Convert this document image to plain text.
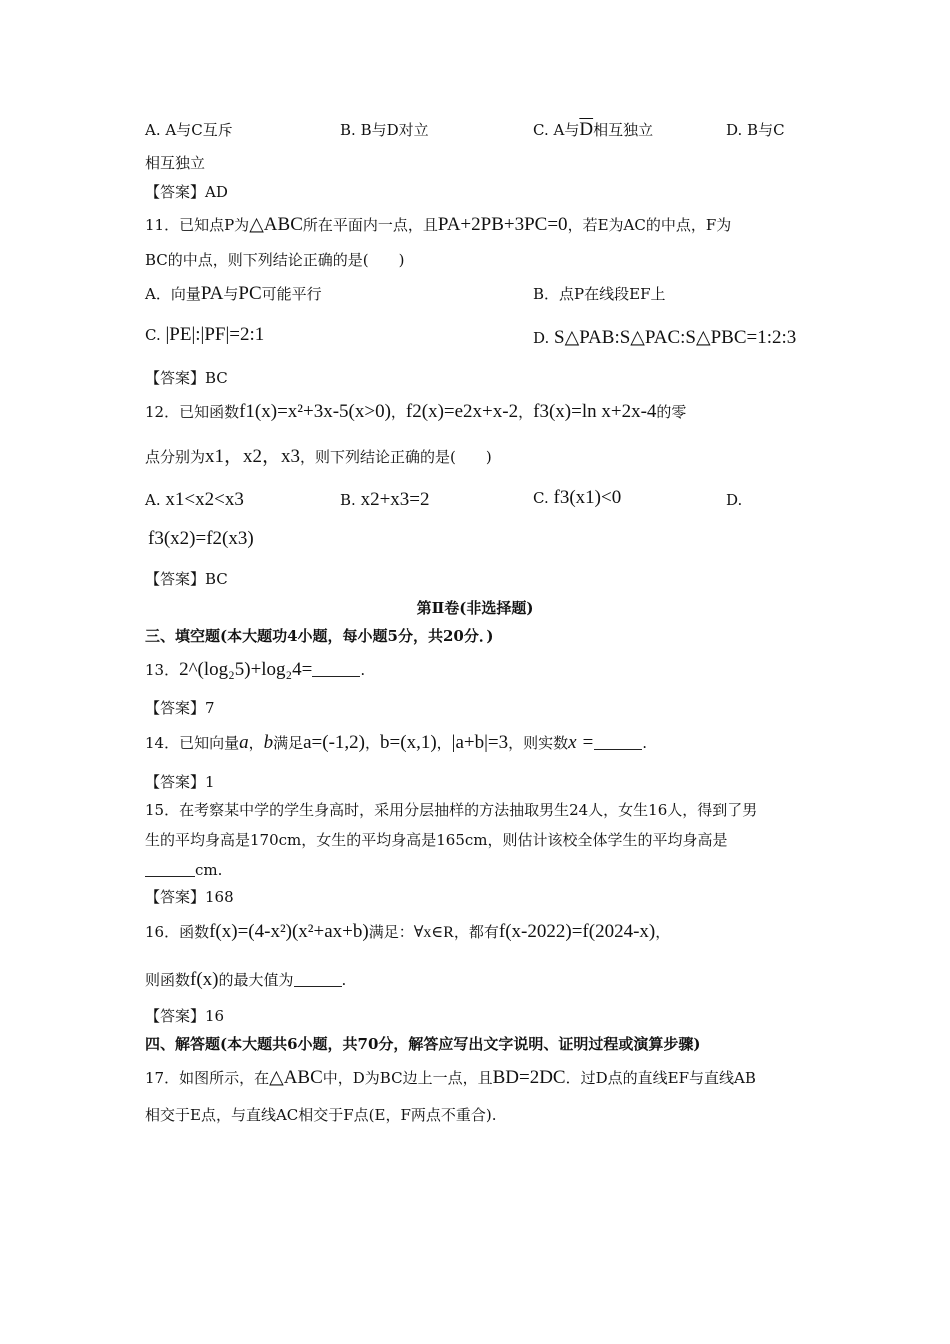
A. A与C互斥	B. B与D对立	C. A与$\overline{D}$相互独立	D. B与C
相互独立
【答案】AD
11．已知点P为△ABC所在平面内一点，且PA+2PB+3PC=0，若E为AC的中点，F为
BC的中点，则下列结论正确的是(　　)
A．向量PA与PC可能平行	B．点P在线段EF上
C. |PE|:|PF|=2:1	D. S△PAB:S△PAC:S△PBC=1:2:3
【答案】BC
12．已知函数f1(x)=x²+3x-5(x>0)，f2(x)=e2x+x-2，f3(x)=ln x+2x-4的零
点分别为x1，x2，x3，则下列结论正确的是(　　)
A. x1<x2<x3	B. x2+x3=2	C. f3(x1)<0	D.
f3(x2)=f2(x3)
【答案】BC
第Ⅱ卷(非选择题)
三、填空题(本大题功4小题，每小题5分，共20分．)
13．2^(log₂5)+log₂4=	.
【答案】7
14．已知向量a，b满足a=(-1,2)，b=(x,1)，|a+b|=3，则实数x =	.
【答案】1
15．在考察某中学的学生身高时，采用分层抽样的方法抽取男生24人，女生16人，得到了男
生的平均身高是170cm，女生的平均身高是165cm，则估计该校全体学生的平均身高是
cm.
【答案】168
16．函数f(x)=(4-x²)(x²+ax+b)满足：∀x∈R，都有f(x-2022)=f(2024-x)，
则函数f(x)的最大值为	.
【答案】16
四、解答题(本大题共6小题，共70分，解答应写出文字说明、证明过程或演算步骤)
17．如图所示，在△ABC中，D为BC边上一点，且BD=2DC．过D点的直线EF与直线AB
相交于E点，与直线AC相交于F点(E，F两点不重合).
